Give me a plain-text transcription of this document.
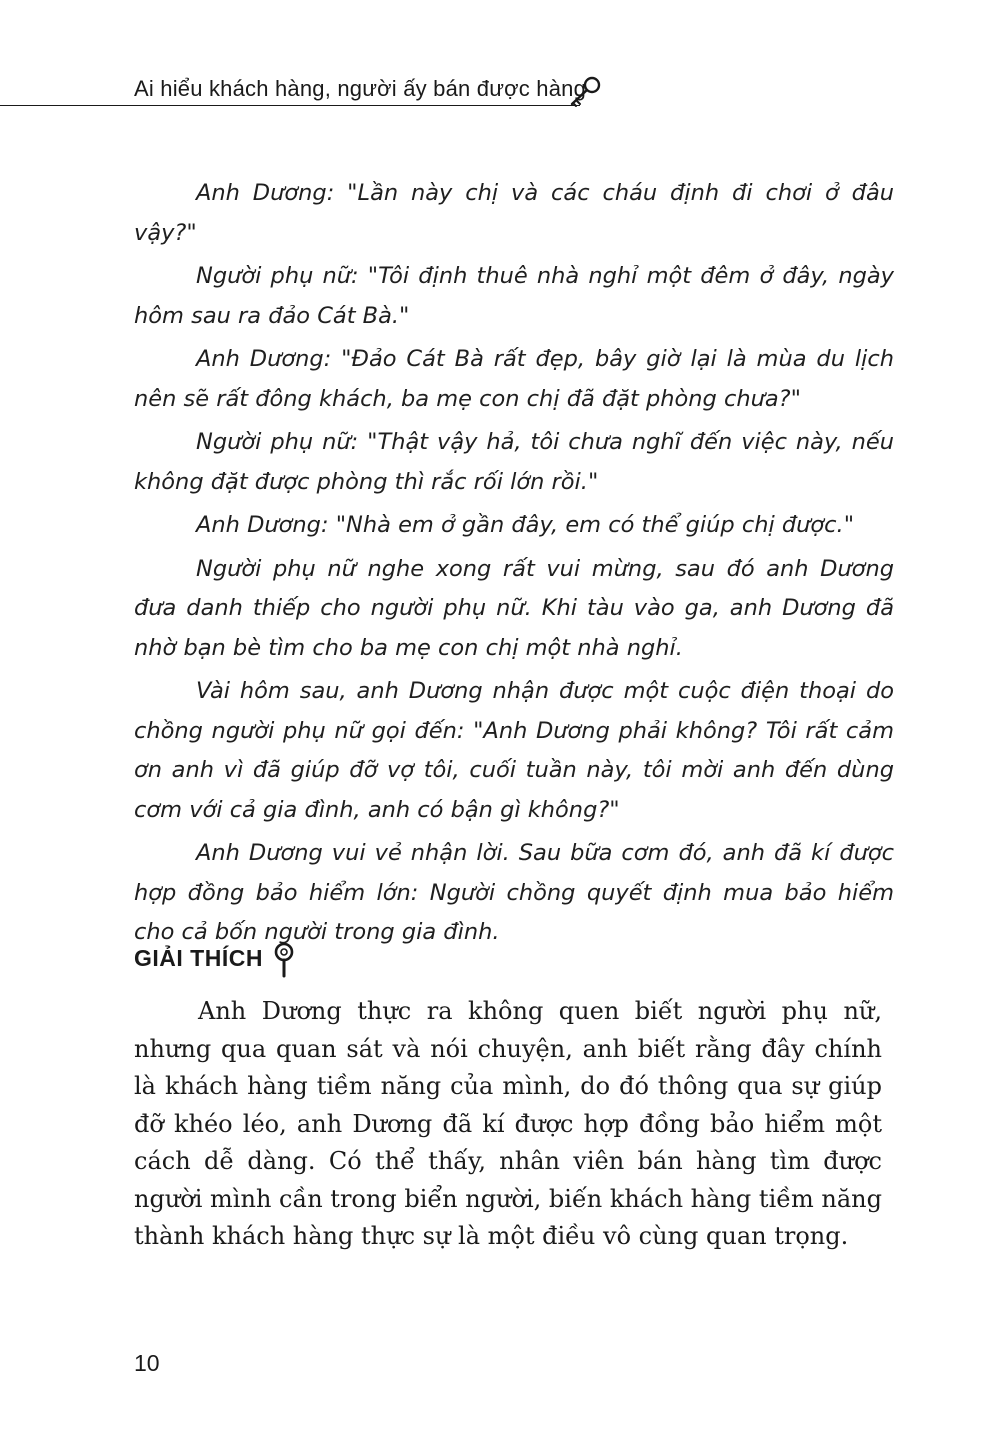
Ai hiểu khách hàng, người ấy bán được hàng

Anh Dương: "Lần này chị và các cháu định đi chơi ở đâu vậy?"

Người phụ nữ: "Tôi định thuê nhà nghỉ một đêm ở đây, ngày hôm sau ra đảo Cát Bà."

Anh Dương: "Đảo Cát Bà rất đẹp, bây giờ lại là mùa du lịch nên sẽ rất đông khách, ba mẹ con chị đã đặt phòng chưa?"

Người phụ nữ: "Thật vậy hả, tôi chưa nghĩ đến việc này, nếu không đặt được phòng thì rắc rối lớn rồi."

Anh Dương: "Nhà em ở gần đây, em có thể giúp chị được."

Người phụ nữ nghe xong rất vui mừng, sau đó anh Dương đưa danh thiếp cho người phụ nữ. Khi tàu vào ga, anh Dương đã nhờ bạn bè tìm cho ba mẹ con chị một nhà nghỉ.

Vài hôm sau, anh Dương nhận được một cuộc điện thoại do chồng người phụ nữ gọi đến: "Anh Dương phải không? Tôi rất cảm ơn anh vì đã giúp đỡ vợ tôi, cuối tuần này, tôi mời anh đến dùng cơm với cả gia đình, anh có bận gì không?"

Anh Dương vui vẻ nhận lời. Sau bữa cơm đó, anh đã kí được hợp đồng bảo hiểm lớn: Người chồng quyết định mua bảo hiểm cho cả bốn người trong gia đình.

GIẢI THÍCH

Anh Dương thực ra không quen biết người phụ nữ, nhưng qua quan sát và nói chuyện, anh biết rằng đây chính là khách hàng tiềm năng của mình, do đó thông qua sự giúp đỡ khéo léo, anh Dương đã kí được hợp đồng bảo hiểm một cách dễ dàng. Có thể thấy, nhân viên bán hàng tìm được người mình cần trong biển người, biến khách hàng tiềm năng thành khách hàng thực sự là một điều vô cùng quan trọng.

10
